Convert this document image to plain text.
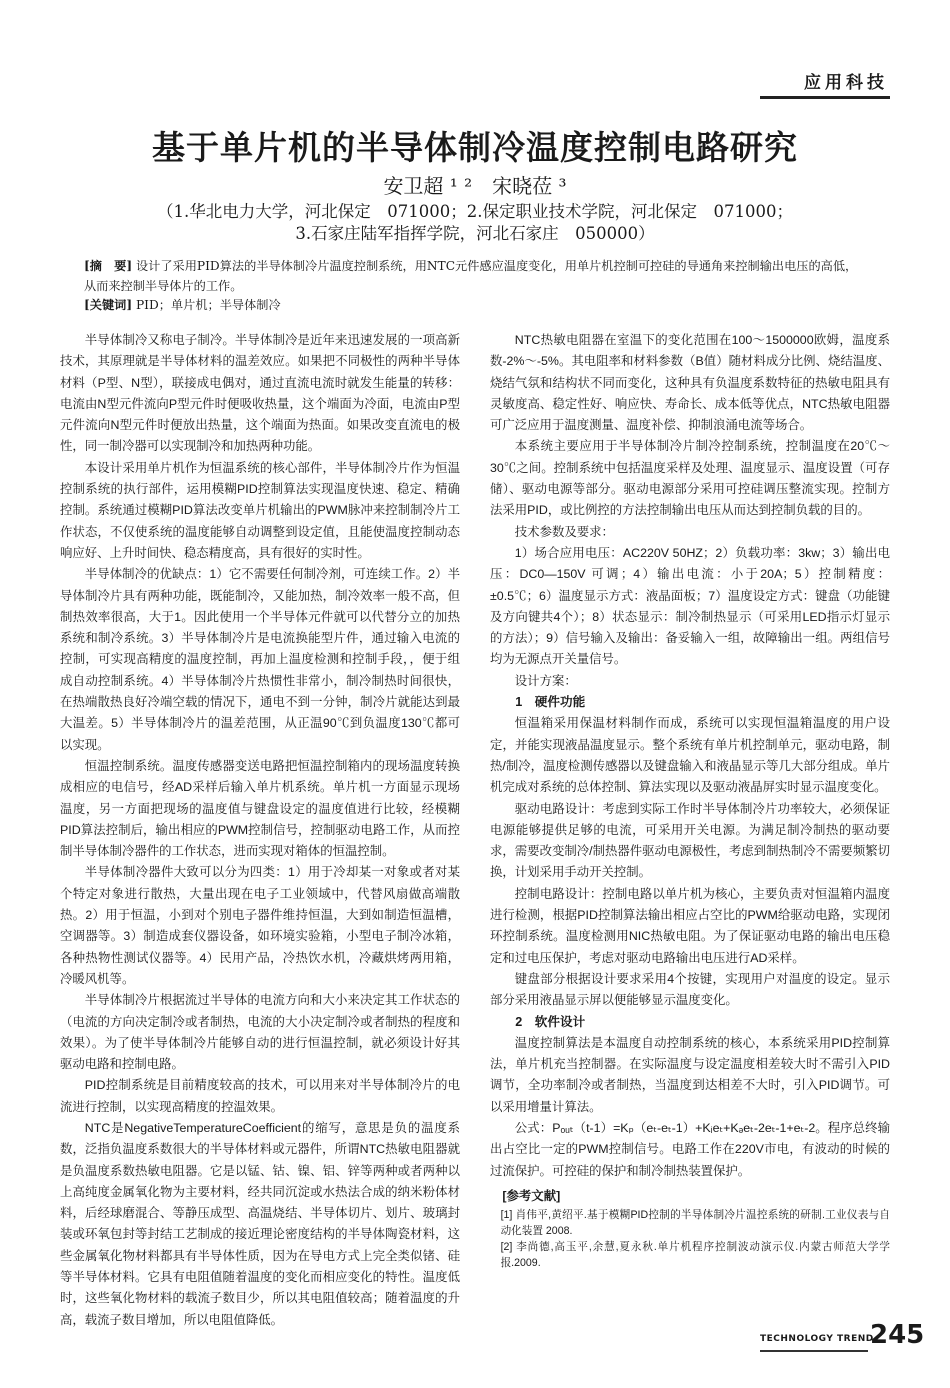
应用科技
基于单片机的半导体制冷温度控制电路研究
安卫超 ¹ ²　宋晓莅 ³
（1.华北电力大学，河北保定　071000；2.保定职业技术学院，河北保定　071000；
3.石家庄陆军指挥学院，河北石家庄　050000）
[摘　要] 设计了采用PID算法的半导体制冷片温度控制系统，用NTC元件感应温度变化，用单片机控制可控硅的导通角来控制输出电压的高低，从而来控制半导体片的工作。
[关键词] PID；单片机；半导体制冷

半导体制冷又称电子制冷。半导体制冷是近年来迅速发展的一项高新技术，其原理就是半导体材料的温差效应。如果把不同极性的两种半导体材料（P型、N型），联接成电偶对，通过直流电流时就发生能量的转移：电流由N型元件流向P型元件时便吸收热量，这个端面为冷面，电流由P型元件流向N型元件时便放出热量，这个端面为热面。如果改变直流电的极性，同一制冷器可以实现制冷和加热两种功能。

本设计采用单片机作为恒温系统的核心部件，半导体制冷片作为恒温控制系统的执行部件，运用模糊PID控制算法实现温度快速、稳定、精确控制。系统通过模糊PID算法改变单片机输出的PWM脉冲来控制制冷片工作状态，不仅使系统的温度能够自动调整到设定值，且能使温度控制动态响应好、上升时间快、稳态精度高，具有很好的实时性。

半导体制冷的优缺点：1）它不需要任何制冷剂，可连续工作。2）半导体制冷片具有两种功能，既能制冷，又能加热，制冷效率一般不高，但制热效率很高，大于1。因此使用一个半导体元件就可以代替分立的加热系统和制冷系统。3）半导体制冷片是电流换能型片件，通过输入电流的控制，可实现高精度的温度控制，再加上温度检测和控制手段，，便于组成自动控制系统。4）半导体制冷片热惯性非常小，制冷制热时间很快，在热端散热良好冷端空载的情况下，通电不到一分钟，制冷片就能达到最大温差。5）半导体制冷片的温差范围，从正温90℃到负温度130℃都可以实现。

恒温控制系统。温度传感器变送电路把恒温控制箱内的现场温度转换成相应的电信号，经AD采样后输入单片机系统。单片机一方面显示现场温度，另一方面把现场的温度值与键盘设定的温度值进行比较，经模糊PID算法控制后，输出相应的PWM控制信号，控制驱动电路工作，从而控制半导体制冷器件的工作状态，进而实现对箱体的恒温控制。

半导体制冷器件大致可以分为四类：1）用于冷却某一对象或者对某个特定对象进行散热，大量出现在电子工业领域中，代替风扇做高端散热。2）用于恒温，小到对个别电子器件维持恒温，大到如制造恒温槽，空调器等。3）制造成套仪器设备，如环境实验箱，小型电子制冷冰箱，各种热物性测试仪器等。4）民用产品，冷热饮水机，冷藏烘烤两用箱，冷暖风机等。

半导体制冷片根据流过半导体的电流方向和大小来决定其工作状态的（电流的方向决定制冷或者制热，电流的大小决定制冷或者制热的程度和效果）。为了使半导体制冷片能够自动的进行恒温控制，就必须设计好其驱动电路和控制电路。

PID控制系统是目前精度较高的技术，可以用来对半导体制冷片的电流进行控制，以实现高精度的控温效果。

NTC是NegativeTemperatureCoefficient的缩写，意思是负的温度系数，泛指负温度系数很大的半导体材料或元器件，所谓NTC热敏电阻器就是负温度系数热敏电阻器。它是以锰、钴、镍、铝、锌等两种或者两种以上高纯度金属氧化物为主要材料，经共同沉淀或水热法合成的纳米粉体材料，后经球磨混合、等静压成型、高温烧结、半导体切片、划片、玻璃封装或环氧包封等封结工艺制成的接近理论密度结构的半导体陶瓷材料，这些金属氧化物材料都具有半导体性质，因为在导电方式上完全类似锗、硅等半导体材料。它具有电阻值随着温度的变化而相应变化的特性。温度低时，这些氧化物材料的载流子数目少，所以其电阻值较高；随着温度的升高，载流子数目增加，所以电阻值降低。

NTC热敏电阻器在室温下的变化范围在100～1500000欧姆，温度系数-2%～-5%。其电阻率和材料参数（B值）随材料成分比例、烧结温度、烧结气氛和结构状不同而变化，这种具有负温度系数特征的热敏电阻具有灵敏度高、稳定性好、响应快、寿命长、成本低等优点，NTC热敏电阻器可广泛应用于温度测量、温度补偿、抑制浪涌电流等场合。

本系统主要应用于半导体制冷片制冷控制系统，控制温度在20℃～30℃之间。控制系统中包括温度采样及处理、温度显示、温度设置（可存储）、驱动电源等部分。驱动电源部分采用可控硅调压整流实现。控制方法采用PID，或比例控的方法控制输出电压从而达到控制负载的目的。

技术参数及要求：

1）场合应用电压：AC220V 50HZ；2）负载功率：3kw；3）输出电压：DC0—150V 可调；4）输出电流：小于20A；5）控制精度：±0.5℃；6）温度显示方式：液晶面板；7）温度设定方式：键盘（功能键及方向键共4个）；8）状态显示：制冷制热显示（可采用LED指示灯显示的方法）；9）信号输入及输出：备妥输入一组，故障输出一组。两组信号均为无源点开关量信号。

设计方案：

1　硬件功能

恒温箱采用保温材料制作而成，系统可以实现恒温箱温度的用户设定，并能实现液晶温度显示。整个系统有单片机控制单元，驱动电路，制热/制冷，温度检测传感器以及键盘输入和液晶显示等几大部分组成。单片机完成对系统的总体控制、算法实现以及驱动液晶屏实时显示温度变化。

驱动电路设计：考虑到实际工作时半导体制冷片功率较大，必须保证电源能够提供足够的电流，可采用开关电源。为满足制冷制热的驱动要求，需要改变制冷/制热器件驱动电源极性，考虑到制热制冷不需要频繁切换，计划采用手动开关控制。

控制电路设计：控制电路以单片机为核心，主要负责对恒温箱内温度进行检测，根据PID控制算法输出相应占空比的PWM给驱动电路，实现闭环控制系统。温度检测用NIC热敏电阻。为了保证驱动电路的输出电压稳定和过电压保护，考虑对驱动电路输出电压进行AD采样。

键盘部分根据设计要求采用4个按键，实现用户对温度的设定。显示部分采用液晶显示屏以便能够显示温度变化。

2　软件设计

温度控制算法是本温度自动控制系统的核心，本系统采用PID控制算法，单片机充当控制器。在实际温度与设定温度相差较大时不需引入PID调节，全功率制冷或者制热，当温度到达相差不大时，引入PID调节。可以采用增量计算法。

公式：Pₒᵤₜ（t-1）=Kₚ（eₜ-eₜ-1）+Kᵢeₜ+Kₔeₜ-2eₜ-1+eₜ-2。程序总终输出占空比一定的PWM控制信号。电路工作在220V市电，有波动的时候的过流保护。可控硅的保护和制冷制热装置保护。

[参考文献]

[1] 肖伟平,黄绍平.基于模糊PID控制的半导体制冷片温控系统的研制.工业仪表与自动化装置 2008.

[2] 李尚德,高玉平,余慧,夏永秋.单片机程序控制波动演示仪.内蒙古师范大学学报.2009.

TECHNOLOGY TREND
245
